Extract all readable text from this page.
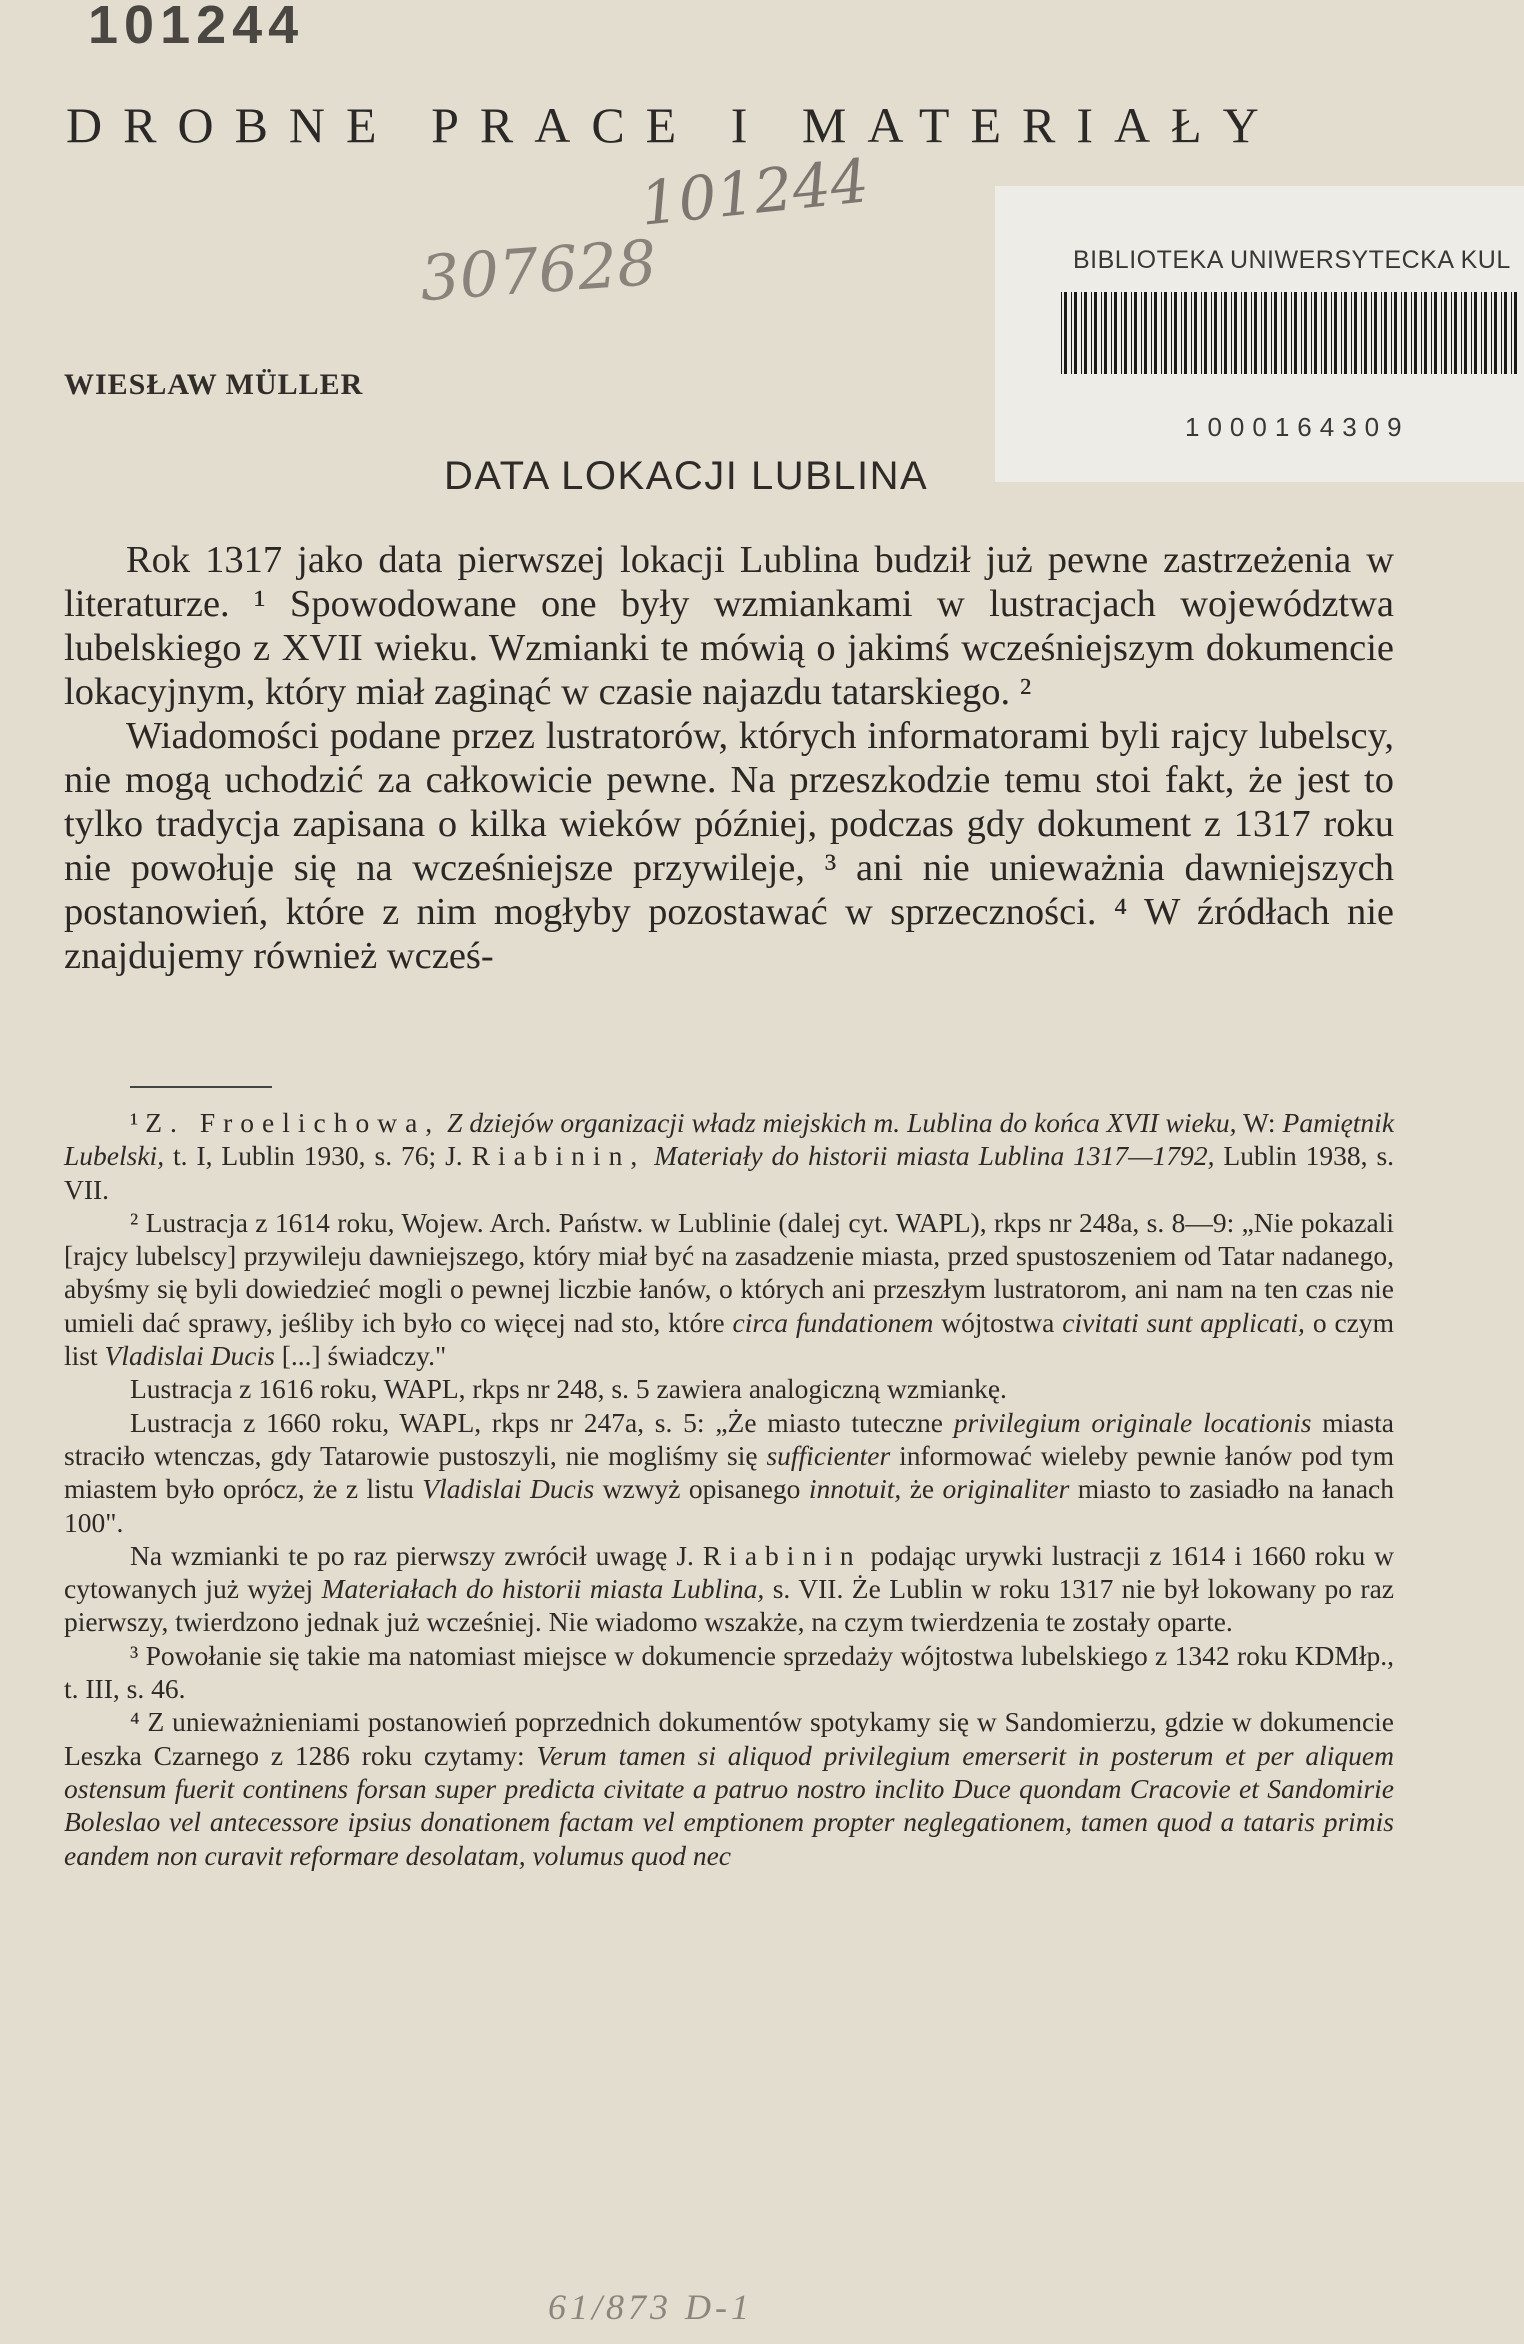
101244
DROBNE PRACE I MATERIAŁY
101244
307628	BIBLIOTEKA UNIWERSYTECKA KUL
1000164309
WIESŁAW MÜLLER
DATA LOKACJI LUBLINA

Rok 1317 jako data pierwszej lokacji Lublina budził już pewne zastrzeżenia w literaturze. ¹ Spowodowane one były wzmiankami w lustracjach województwa lubelskiego z XVII wieku. Wzmianki te mówią o jakimś wcześniejszym dokumencie lokacyjnym, który miał zaginąć w czasie najazdu tatarskiego. ²

Wiadomości podane przez lustratorów, których informatorami byli rajcy lubelscy, nie mogą uchodzić za całkowicie pewne. Na przeszkodzie temu stoi fakt, że jest to tylko tradycja zapisana o kilka wieków później, podczas gdy dokument z 1317 roku nie powołuje się na wcześniejsze przywileje, ³ ani nie unieważnia dawniejszych postanowień, które z nim mogłyby pozostawać w sprzeczności. ⁴ W źródłach nie znajdujemy również wcześ-

¹ Z. Froelichowa, Z dziejów organizacji władz miejskich m. Lublina do końca XVII wieku, W: Pamiętnik Lubelski, t. I, Lublin 1930, s. 76; J. Riabinin, Materiały do historii miasta Lublina 1317—1792, Lublin 1938, s. VII.

² Lustracja z 1614 roku, Wojew. Arch. Państw. w Lublinie (dalej cyt. WAPL), rkps nr 248a, s. 8—9: „Nie pokazali [rajcy lubelscy] przywileju dawniejszego, który miał być na zasadzenie miasta, przed spustoszeniem od Tatar nadanego, abyśmy się byli dowiedzieć mogli o pewnej liczbie łanów, o których ani przeszłym lustratorom, ani nam na ten czas nie umieli dać sprawy, jeśliby ich było co więcej nad sto, które circa fundationem wójtostwa civitati sunt applicati, o czym list Vladislai Ducis [...] świadczy."

Lustracja z 1616 roku, WAPL, rkps nr 248, s. 5 zawiera analogiczną wzmiankę.

Lustracja z 1660 roku, WAPL, rkps nr 247a, s. 5: „Że miasto tuteczne privilegium originale locationis miasta straciło wtenczas, gdy Tatarowie pustoszyli, nie mogliśmy się sufficienter informować wieleby pewnie łanów pod tym miastem było oprócz, że z listu Vladislai Ducis wzwyż opisanego innotuit, że originaliter miasto to zasiadło na łanach 100".

Na wzmianki te po raz pierwszy zwrócił uwagę J. Riabinin podając urywki lustracji z 1614 i 1660 roku w cytowanych już wyżej Materiałach do historii miasta Lublina, s. VII. Że Lublin w roku 1317 nie był lokowany po raz pierwszy, twierdzono jednak już wcześniej. Nie wiadomo wszakże, na czym twierdzenia te zostały oparte.

³ Powołanie się takie ma natomiast miejsce w dokumencie sprzedaży wójtostwa lubelskiego z 1342 roku KDMłp., t. III, s. 46.

⁴ Z unieważnieniami postanowień poprzednich dokumentów spotykamy się w Sandomierzu, gdzie w dokumencie Leszka Czarnego z 1286 roku czytamy: Verum tamen si aliquod privilegium emerserit in posterum et per aliquem ostensum fuerit continens forsan super predicta civitate a patruo nostro inclito Duce quondam Cracovie et Sandomirie Boleslao vel antecessore ipsius donationem factam vel emptionem propter neglegationem, tamen quod a tataris primis eandem non curavit reformare desolatam, volumus quod nec

61/873 D-1
